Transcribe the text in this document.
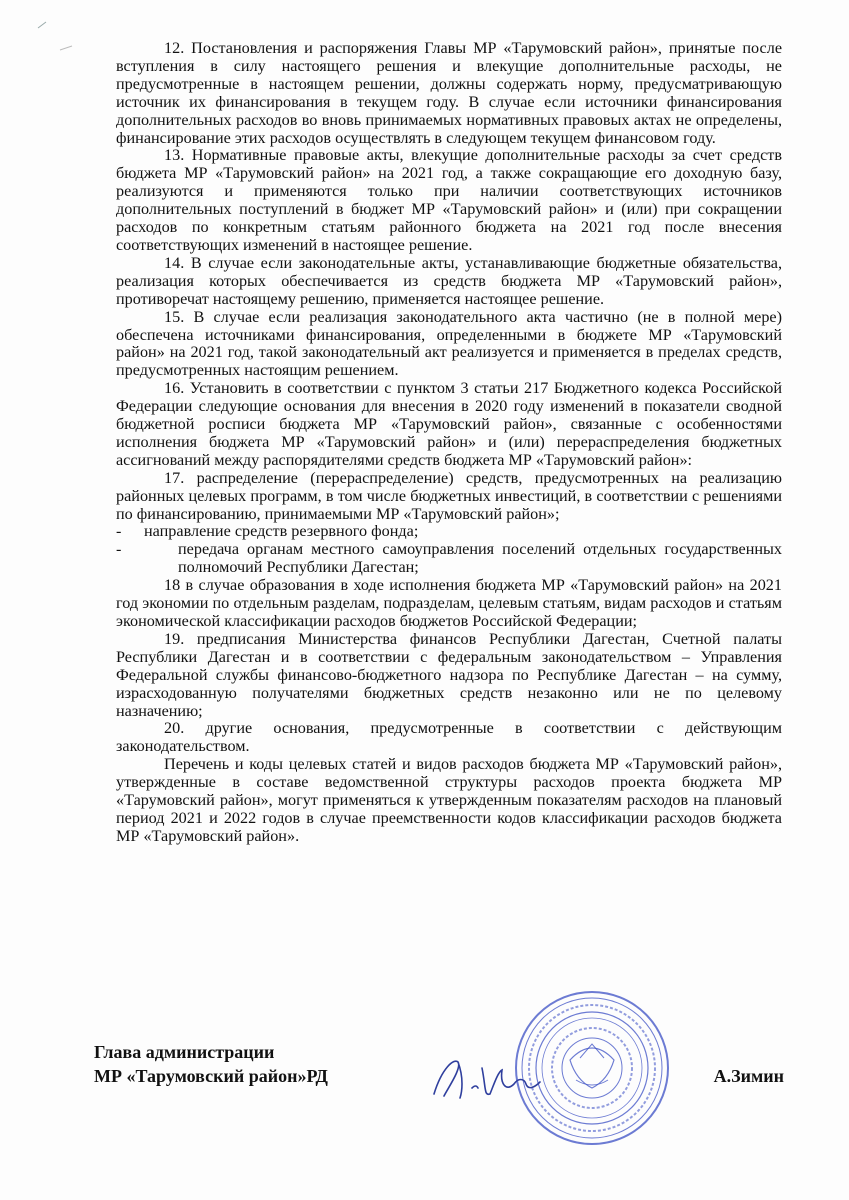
12. Постановления и распоряжения Главы МР «Тарумовский район», принятые после вступления в силу настоящего решения и влекущие дополнительные расходы, не предусмотренные в настоящем решении, должны содержать норму, предусматривающую источник их финансирования в текущем году. В случае если источники финансирования дополнительных расходов во вновь принимаемых нормативных правовых актах не определены, финансирование этих расходов осуществлять в следующем текущем финансовом году.

13. Нормативные правовые акты, влекущие дополнительные расходы за счет средств бюджета МР «Тарумовский район» на 2021 год, а также сокращающие его доходную базу, реализуются и применяются только при наличии соответствующих источников дополнительных поступлений в бюджет МР «Тарумовский район» и (или) при сокращении расходов по конкретным статьям районного бюджета на 2021 год после внесения соответствующих изменений в настоящее решение.

14. В случае если законодательные акты, устанавливающие бюджетные обязательства, реализация которых обеспечивается из средств бюджета МР «Тарумовский район», противоречат настоящему решению, применяется настоящее решение.

15. В случае если реализация законодательного акта частично (не в полной мере) обеспечена источниками финансирования, определенными в бюджете МР «Тарумовский район» на 2021 год, такой законодательный акт реализуется и применяется в пределах средств, предусмотренных настоящим решением.

16. Установить в соответствии с пунктом 3 статьи 217 Бюджетного кодекса Российской Федерации следующие основания для внесения в 2020 году изменений в показатели сводной бюджетной росписи бюджета МР «Тарумовский район», связанные с особенностями исполнения бюджета МР «Тарумовский район» и (или) перераспределения бюджетных ассигнований между распорядителями средств бюджета МР «Тарумовский район»:

17. распределение (перераспределение) средств, предусмотренных на реализацию районных целевых программ, в том числе бюджетных инвестиций, в соответствии с решениями по финансированию, принимаемыми МР «Тарумовский район»;

-	направление средств резервного фонда;
-	передача органам местного самоуправления поселений отдельных государственных полномочий Республики Дагестан;

18 в случае образования в ходе исполнения бюджета МР «Тарумовский район» на 2021 год экономии по отдельным разделам, подразделам, целевым статьям, видам расходов и статьям экономической классификации расходов бюджетов Российской Федерации;

19. предписания Министерства финансов Республики Дагестан, Счетной палаты Республики Дагестан и в соответствии с федеральным законодательством – Управления Федеральной службы финансово-бюджетного надзора по Республике Дагестан – на сумму, израсходованную получателями бюджетных средств незаконно или не по целевому назначению;

20. другие основания, предусмотренные в соответствии с действующим законодательством.

Перечень и коды целевых статей и видов расходов бюджета МР «Тарумовский район», утвержденные в составе ведомственной структуры расходов проекта бюджета МР «Тарумовский район», могут применяться к утвержденным показателям расходов на плановый период 2021 и 2022 годов в случае преемственности кодов классификации расходов бюджета МР «Тарумовский район».

Глава администрации
МР «Тарумовский район»РД	А.Зимин
